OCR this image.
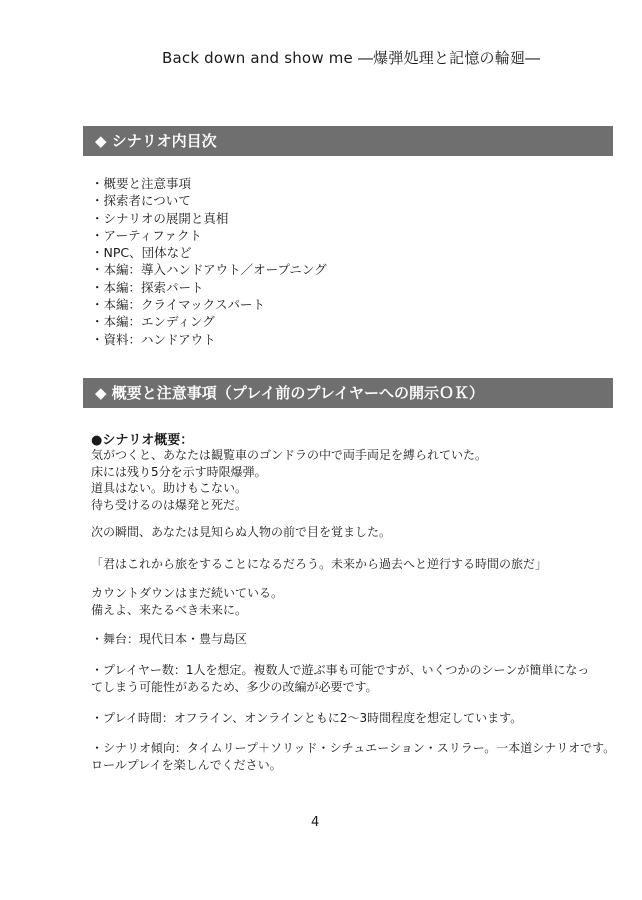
Back down and show me ―爆弾処理と記憶の輪廻―
◆ シナリオ内目次
・概要と注意事項
・探索者について
・シナリオの展開と真相
・アーティファクト
・NPC、団体など
・本編：導入ハンドアウト／オープニング
・本編：探索パート
・本編：クライマックスパート
・本編：エンディング
・資料：ハンドアウト
◆ 概要と注意事項（プレイ前のプレイヤーへの開示ＯＫ）
●シナリオ概要：
気がつくと、あなたは観覧車のゴンドラの中で両手両足を縛られていた。
床には残り5分を示す時限爆弾。
道具はない。助けもこない。
待ち受けるのは爆発と死だ。
次の瞬間、あなたは見知らぬ人物の前で目を覚ました。
「君はこれから旅をすることになるだろう。未来から過去へと逆行する時間の旅だ」
カウントダウンはまだ続いている。
備えよ、来たるべき未来に。
・舞台：現代日本・豊与島区
・プレイヤー数：1人を想定。複数人で遊ぶ事も可能ですが、いくつかのシーンが簡単になっ
てしまう可能性があるため、多少の改編が必要です。
・プレイ時間：オフライン、オンラインともに2～3時間程度を想定しています。
・シナリオ傾向：タイムリープ＋ソリッド・シチュエーション・スリラー。一本道シナリオです。
ロールプレイを楽しんでください。
4
